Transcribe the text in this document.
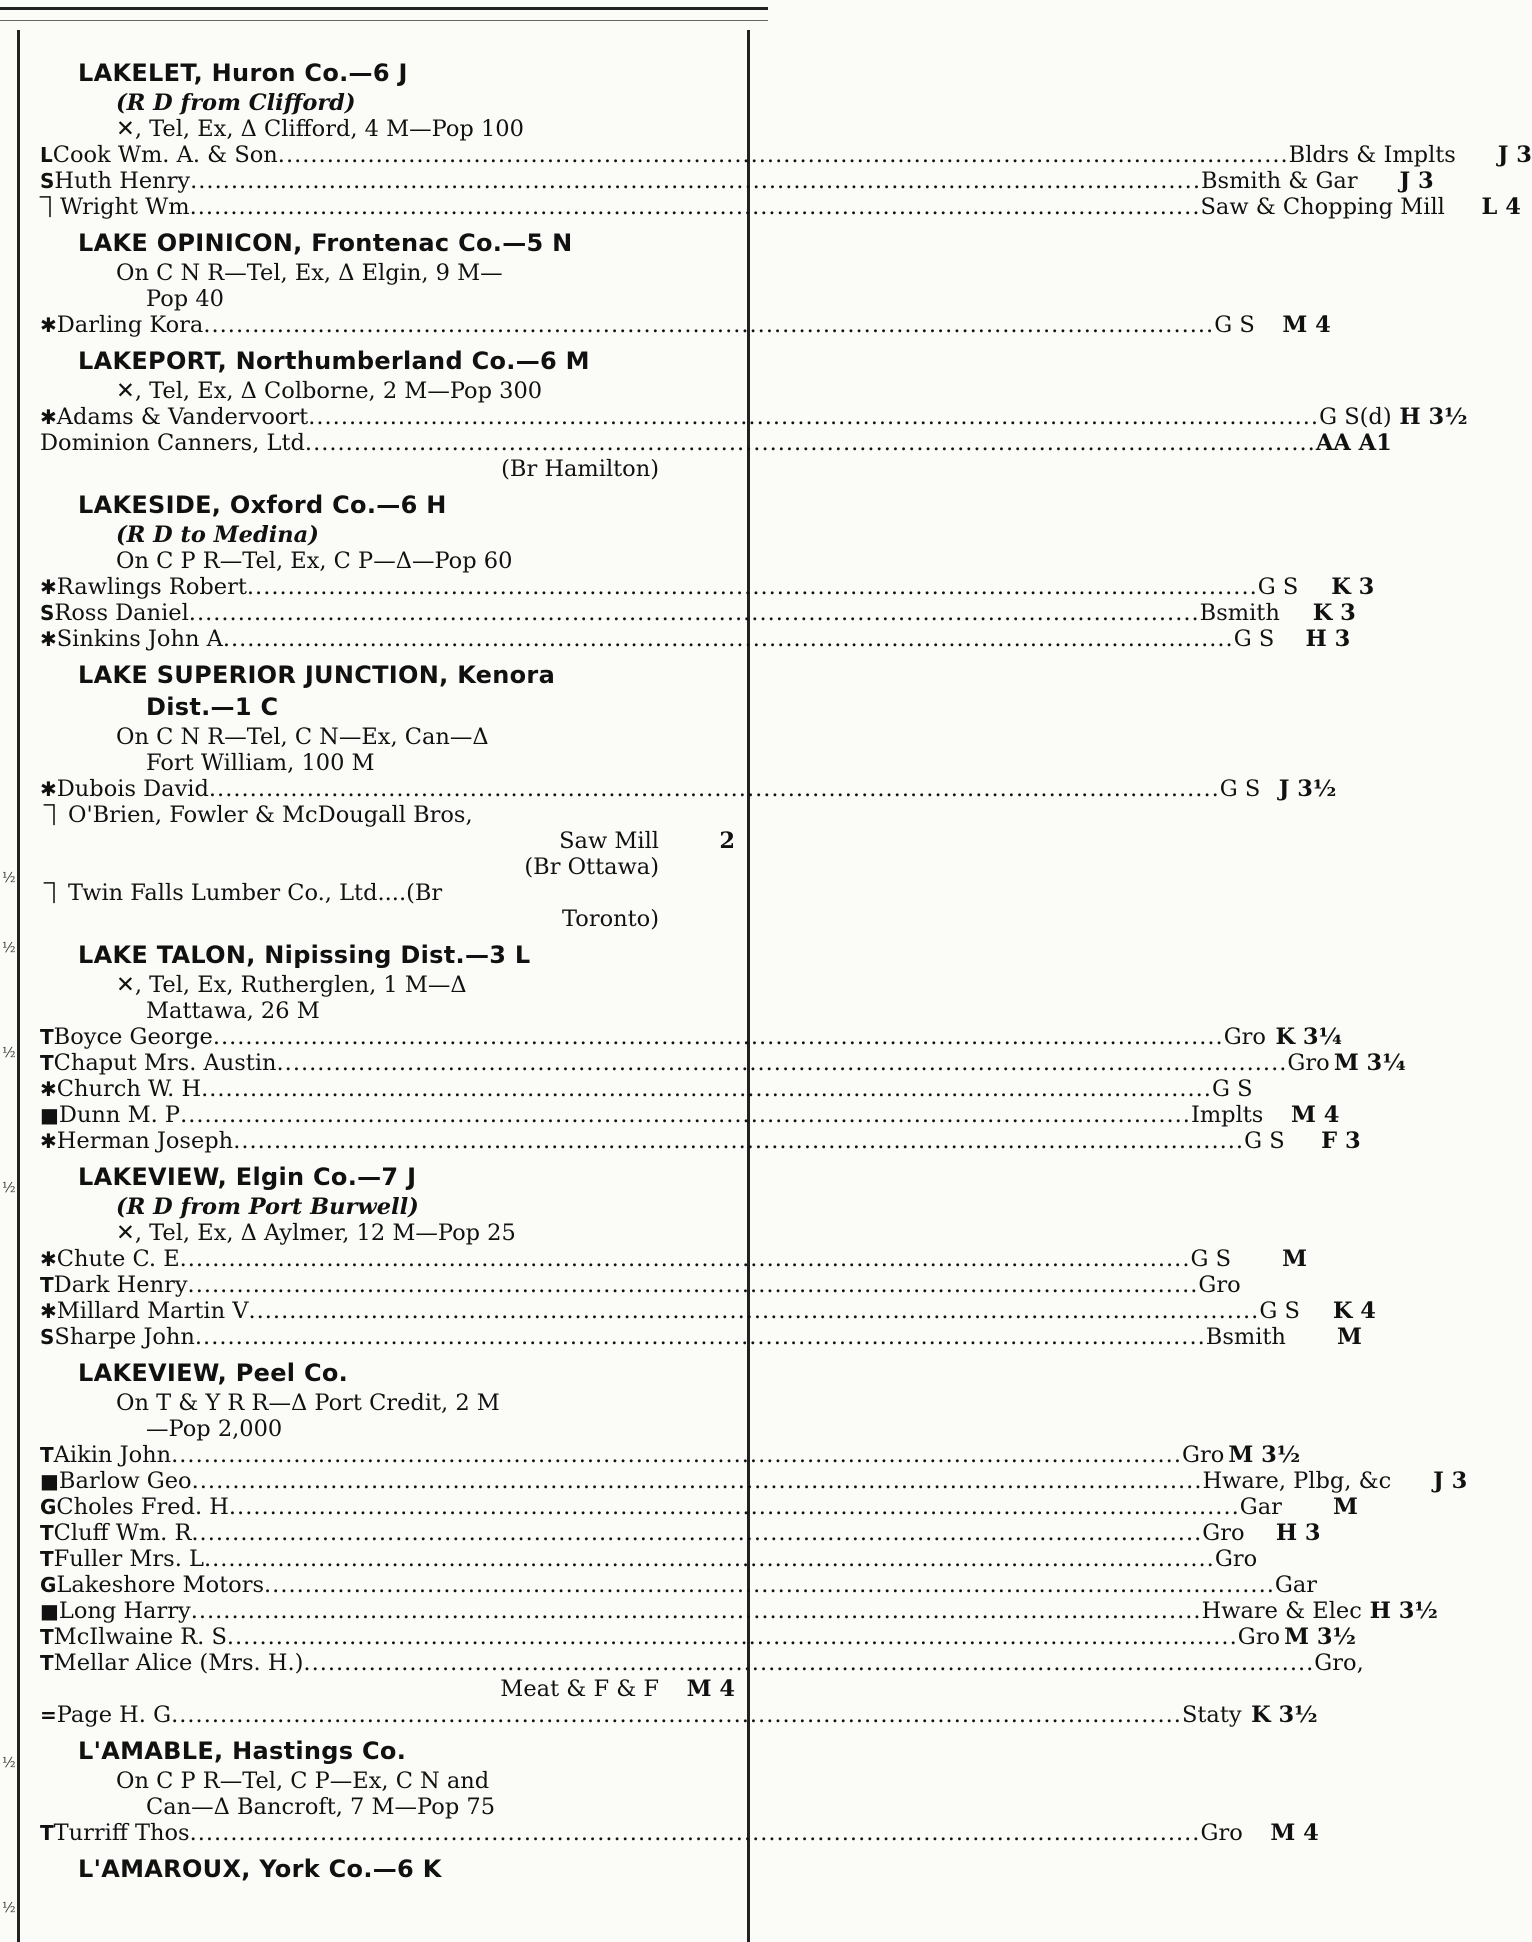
½
½
½
½
½
½
LAKELET, Huron Co.—6 J
(R D from Clifford)
✕, Tel, Ex, Δ Clifford, 4 M—Pop 100
L Cook Wm. A. & Son .....	Bldrs & Implts	J 3
S Huth Henry .....	Bsmith & Gar	J 3
⏋ Wright Wm .....	Saw & Chopping Mill	L 4
LAKE OPINICON, Frontenac Co.—5 N
On C N R—Tel, Ex, Δ Elgin, 9 M—
Pop 40
✱ Darling Kora .....	G S	M 4
LAKEPORT, Northumberland Co.—6 M
✕, Tel, Ex, Δ Colborne, 2 M—Pop 300
✱ Adams & Vandervoort .....	G S(d) H 3½
Dominion Canners, Ltd .....	AA A1
(Br Hamilton)
LAKESIDE, Oxford Co.—6 H
(R D to Medina)
On C P R—Tel, Ex, C P—Δ—Pop 60
✱ Rawlings Robert .....	G S	K 3
S Ross Daniel .....	Bsmith	K 3
✱ Sinkins John A .....	G S	H 3
LAKE SUPERIOR JUNCTION, Kenora
Dist.—1 C
On C N R—Tel, C N—Ex, Can—Δ
Fort William, 100 M
✱ Dubois David .....	G S J 3½
⏋ O'Brien, Fowler & McDougall Bros,
Saw Mill	2
(Br Ottawa)
⏋ Twin Falls Lumber Co., Ltd....(Br
Toronto)
LAKE TALON, Nipissing Dist.—3 L
✕, Tel, Ex, Rutherglen, 1 M—Δ
Mattawa, 26 M
T Boyce George .....	Gro K 3¼
T Chaput Mrs. Austin .....	Gro M 3¼
✱ Church W. H .....	G S
■ Dunn M. P .....	Implts	M 4
✱ Herman Joseph .....	G S	F 3
LAKEVIEW, Elgin Co.—7 J
(R D from Port Burwell)
✕, Tel, Ex, Δ Aylmer, 12 M—Pop 25
✱ Chute C. E .....	G S	M
T Dark Henry .....	Gro
✱ Millard Martin V .....	G S	K 4
S Sharpe John .....	Bsmith	M
LAKEVIEW, Peel Co.
On T & Y R R—Δ Port Credit, 2 M
—Pop 2,000
T Aikin John .....	Gro M 3½
■ Barlow Geo .....	Hware, Plbg, &c	J 3
G Choles Fred. H .....	Gar	M
T Cluff Wm. R .....	Gro	H 3
T Fuller Mrs. L .....	Gro
G Lakeshore Motors .....	Gar
■ Long Harry .....	Hware & Elec H 3½
T McIlwaine R. S .....	Gro M 3½
T Mellar Alice (Mrs. H.) .....	Gro,
Meat & F & F	M 4
= Page H. G .....	Staty K 3½
L'AMABLE, Hastings Co.
On C P R—Tel, C P—Ex, C N and
Can—Δ Bancroft, 7 M—Pop 75
T Turriff Thos .....	Gro	M 4
L'AMAROUX, York Co.—6 K
